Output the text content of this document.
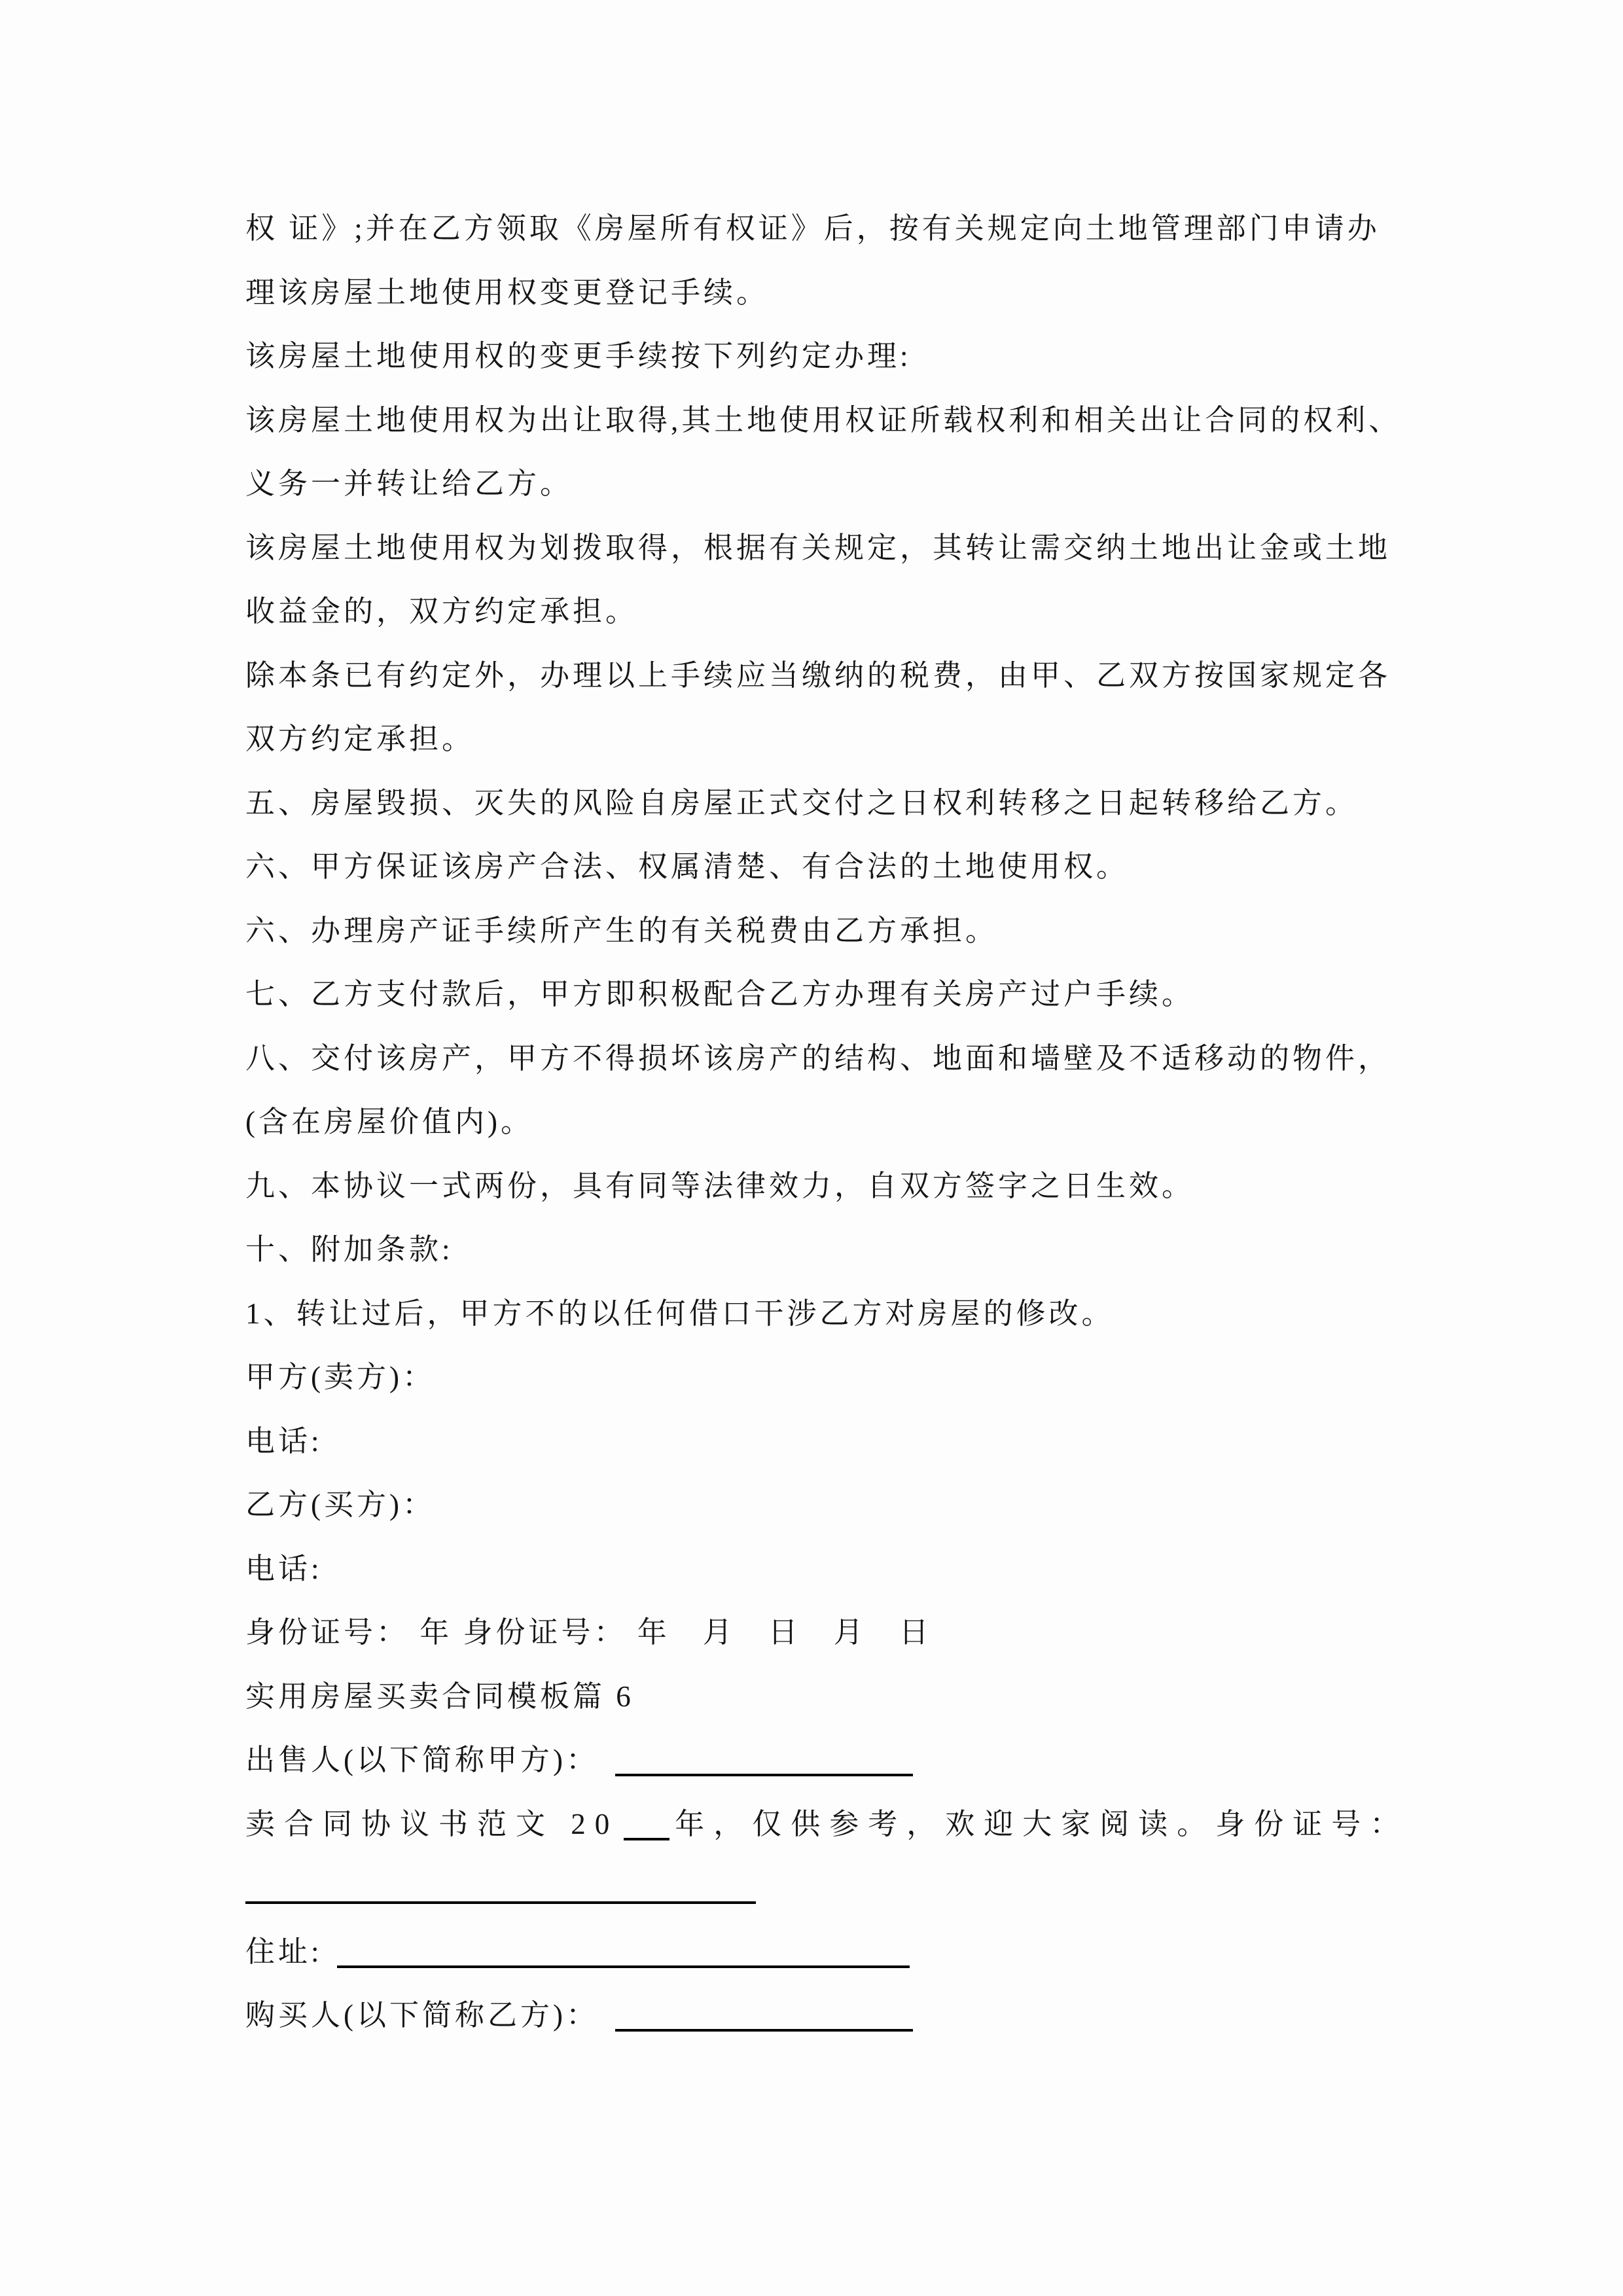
权 证》;并在乙方领取《房屋所有权证》后，按有关规定向土地管理部门申请办
理该房屋土地使用权变更登记手续。
该房屋土地使用权的变更手续按下列约定办理:
该房屋土地使用权为出让取得,其土地使用权证所载权利和相关出让合同的权利、
义务一并转让给乙方。
该房屋土地使用权为划拨取得，根据有关规定，其转让需交纳土地出让金或土地
收益金的，双方约定承担。
除本条已有约定外，办理以上手续应当缴纳的税费，由甲、乙双方按国家规定各
双方约定承担。
五、房屋毁损、灭失的风险自房屋正式交付之日权利转移之日起转移给乙方。
六、甲方保证该房产合法、权属清楚、有合法的土地使用权。
六、办理房产证手续所产生的有关税费由乙方承担。
七、乙方支付款后，甲方即积极配合乙方办理有关房产过户手续。
八、交付该房产，甲方不得损坏该房产的结构、地面和墙壁及不适移动的物件，
(含在房屋价值内)。
九、本协议一式两份，具有同等法律效力，自双方签字之日生效。
十、附加条款:
1、转让过后，甲方不的以任何借口干涉乙方对房屋的修改。
甲方(卖方)：
电话:
乙方(买方)：
电话:
身份证号： 年 身份证号： 年　月　日　月　日
实用房屋买卖合同模板篇 6
出售人(以下简称甲方)：
卖合同协议书范文 20 年，仅供参考，欢迎大家阅读。身份证号：
住址:
购买人(以下简称乙方)：
